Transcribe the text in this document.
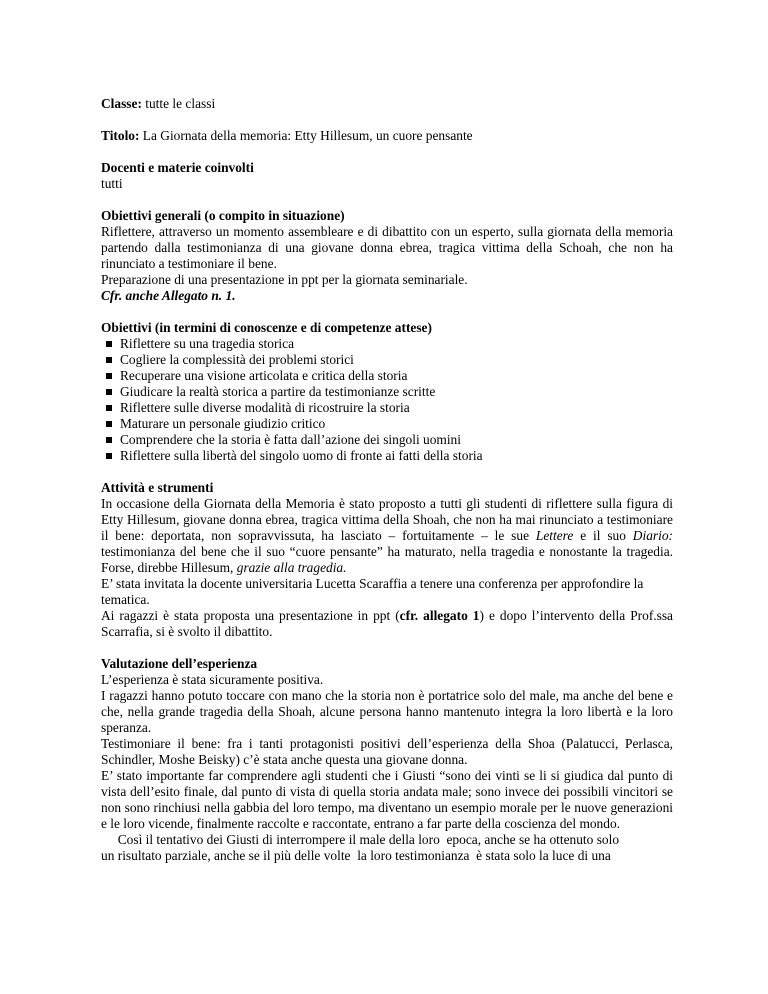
Classe: tutte le classi

Titolo: La Giornata della memoria: Etty Hillesum, un cuore pensante

Docenti e materie coinvolti

tutti

Obiettivi generali (o compito in situazione)

Riflettere, attraverso un momento assembleare e di dibattito con un esperto, sulla giornata della memoria partendo dalla testimonianza di una giovane donna ebrea, tragica vittima della Schoah, che non ha rinunciato a testimoniare il bene.

Preparazione di una presentazione in ppt per la giornata seminariale.

Cfr. anche Allegato n. 1.

Obiettivi (in termini di conoscenze e di competenze attese)

Riflettere su una tragedia storica
Cogliere la complessità dei problemi storici
Recuperare una visione articolata e critica della storia
Giudicare la realtà storica a partire da testimonianze scritte
Riflettere sulle diverse modalità di ricostruire la storia
Maturare un personale giudizio critico
Comprendere che la storia è fatta dall’azione dei singoli uomini
Riflettere sulla libertà del singolo uomo di fronte ai fatti della storia

Attività e strumenti

In occasione della Giornata della Memoria è stato proposto a tutti gli studenti di riflettere sulla figura di Etty Hillesum, giovane donna ebrea, tragica vittima della Shoah, che non ha mai rinunciato a testimoniare il bene: deportata, non sopravvissuta, ha lasciato – fortuitamente – le sue Lettere e il suo Diario: testimonianza del bene che il suo “cuore pensante” ha maturato, nella tragedia e nonostante la tragedia. Forse, direbbe Hillesum, grazie alla tragedia.

E’ stata invitata la docente universitaria Lucetta Scaraffia a tenere una conferenza per approfondire la tematica.

Ai ragazzi è stata proposta una presentazione in ppt (cfr. allegato 1) e dopo l’intervento della Prof.ssa Scarrafia, si è svolto il dibattito.

Valutazione dell’esperienza

L’esperienza è stata sicuramente positiva.

I ragazzi hanno potuto toccare con mano che la storia non è portatrice solo del male, ma anche del bene e che, nella grande tragedia della Shoah, alcune persona hanno mantenuto integra la loro libertà e la loro speranza.

Testimoniare il bene: fra i tanti protagonisti positivi dell’esperienza della Shoa (Palatucci, Perlasca, Schindler, Moshe Beisky) c’è stata anche questa una giovane donna.

E’ stato importante far comprendere agli studenti che i Giusti “sono dei vinti se li si giudica dal punto di vista dell’esito finale, dal punto di vista di quella storia andata male; sono invece dei possibili vincitori se non sono rinchiusi nella gabbia del loro tempo, ma diventano un esempio morale per le nuove generazioni e le loro vicende, finalmente raccolte e raccontate, entrano a far parte della coscienza del mondo.

Così il tentativo dei Giusti di interrompere il male della loro  epoca, anche se ha ottenuto solo

un risultato parziale, anche se il più delle volte  la loro testimonianza  è stata solo la luce di una
